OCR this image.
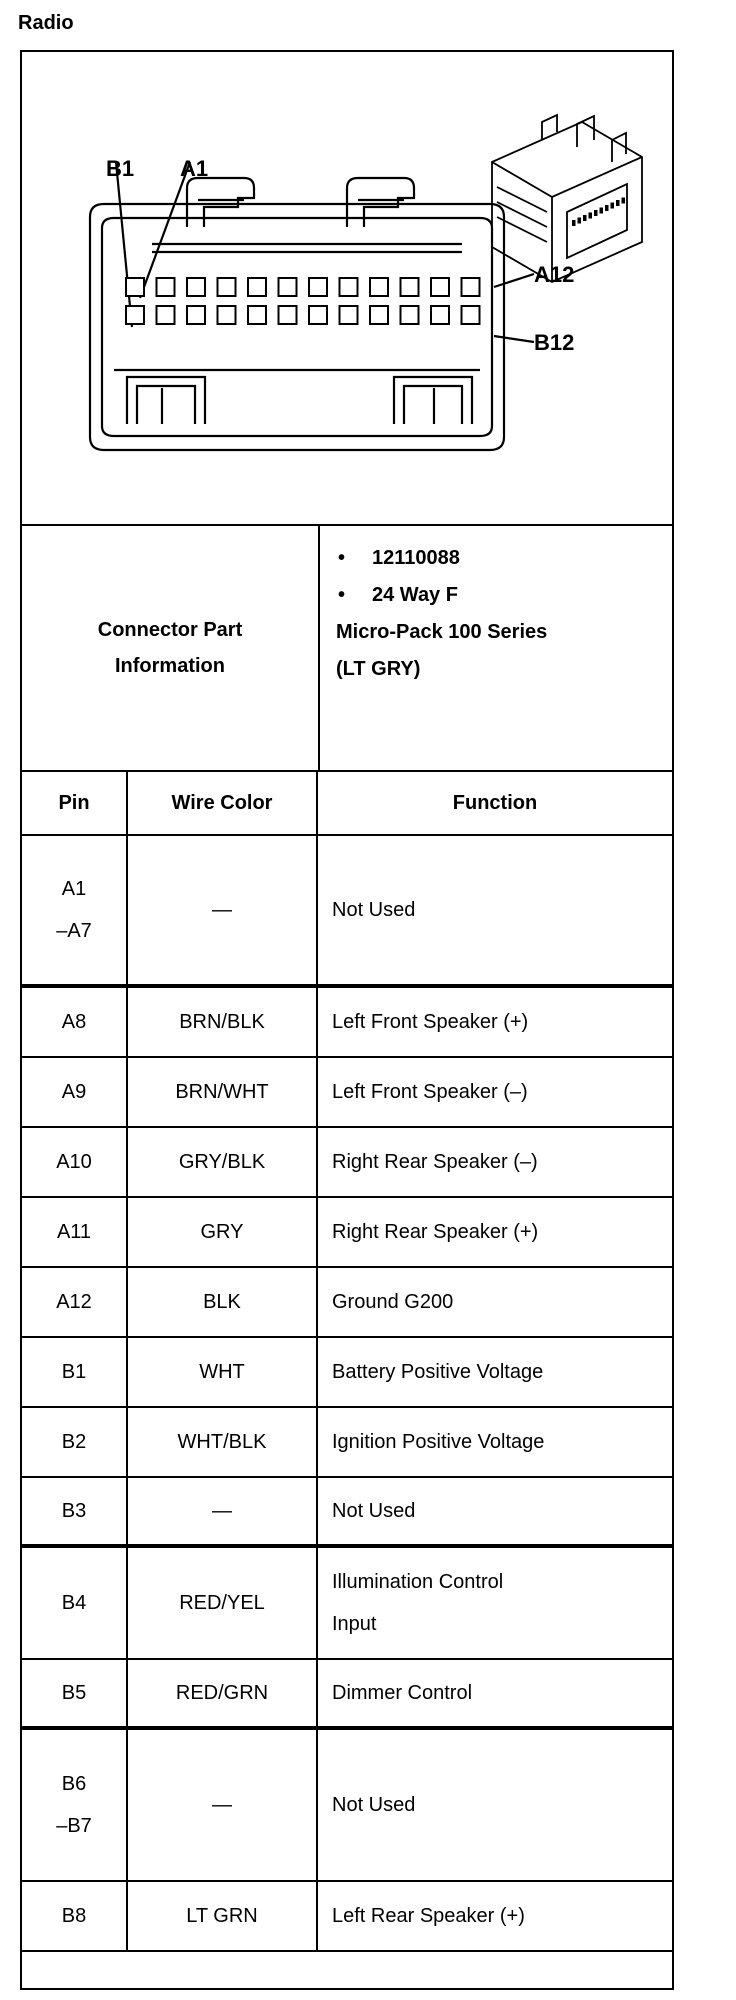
Radio
B1 A1
A12
B12
Connector Part
Information
• 12110088
• 24 Way F
Micro-Pack 100 Series
(LT GRY)
Pin	Wire Color	Function
A1
–A7
—	Not Used
A8	BRN/BLK	Left Front Speaker (+)
A9	BRN/WHT	Left Front Speaker (–)
A10	GRY/BLK	Right Rear Speaker (–)
A11	GRY	Right Rear Speaker (+)
A12	BLK	Ground G200
B1	WHT	Battery Positive Voltage
B2	WHT/BLK	Ignition Positive Voltage
B3	—	Not Used
B4	RED/YEL
Illumination Control
Input
B5	RED/GRN	Dimmer Control
B6
–B7
—	Not Used
B8	LT GRN	Left Rear Speaker (+)
